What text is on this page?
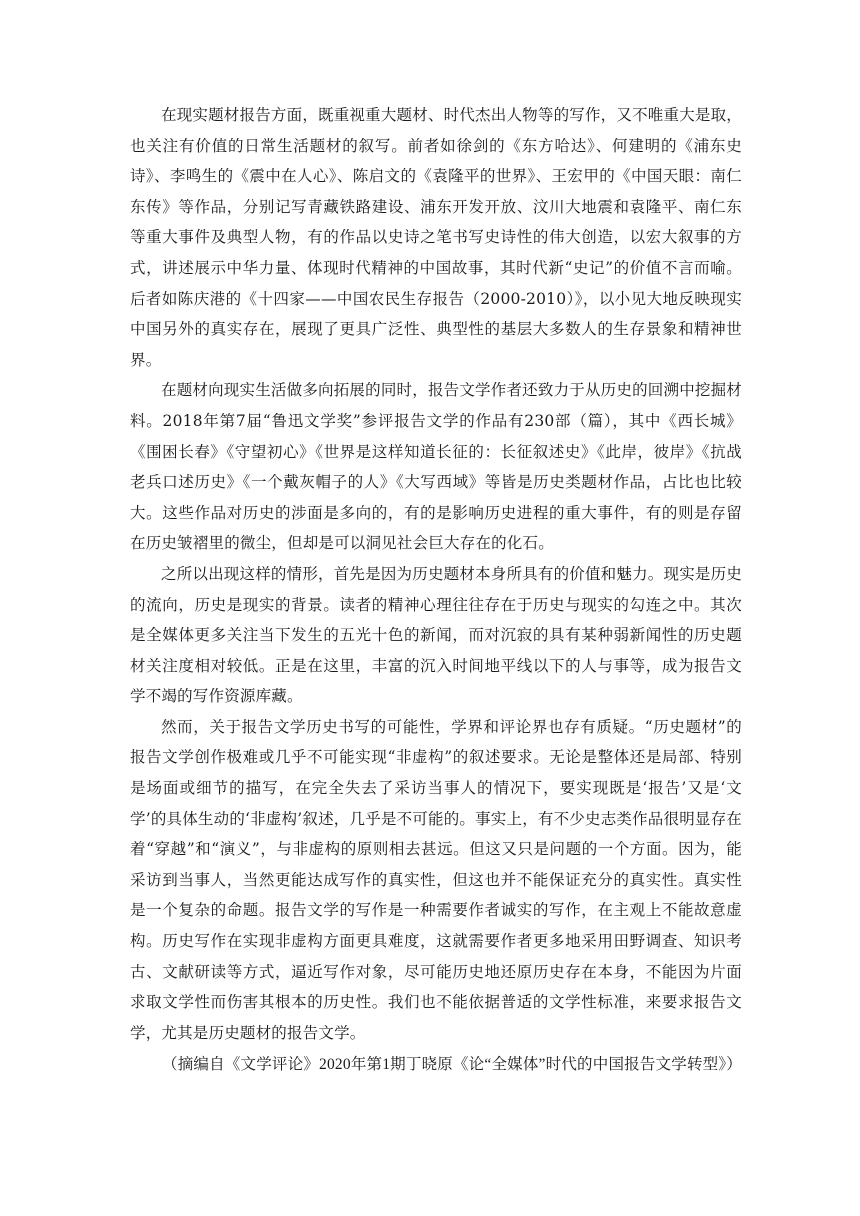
在现实题材报告方面，既重视重大题材、时代杰出人物等的写作，又不唯重大是取，也关注有价值的日常生活题材的叙写。前者如徐剑的《东方哈达》、何建明的《浦东史诗》、李鸣生的《震中在人心》、陈启文的《袁隆平的世界》、王宏甲的《中国天眼：南仁东传》等作品，分别记写青藏铁路建设、浦东开发开放、汶川大地震和袁隆平、南仁东等重大事件及典型人物，有的作品以史诗之笔书写史诗性的伟大创造，以宏大叙事的方式，讲述展示中华力量、体现时代精神的中国故事，其时代新“史记”的价值不言而喻。后者如陈庆港的《十四家——中国农民生存报告（2000-2010）》，以小见大地反映现实中国另外的真实存在，展现了更具广泛性、典型性的基层大多数人的生存景象和精神世界。

在题材向现实生活做多向拓展的同时，报告文学作者还致力于从历史的回溯中挖掘材料。2018年第7届“鲁迅文学奖”参评报告文学的作品有230部（篇），其中《西长城》《围困长春》《守望初心》《世界是这样知道长征的：长征叙述史》《此岸，彼岸》《抗战老兵口述历史》《一个戴灰帽子的人》《大写西域》等皆是历史类题材作品，占比也比较大。这些作品对历史的涉面是多向的，有的是影响历史进程的重大事件，有的则是存留在历史皱褶里的微尘，但却是可以洞见社会巨大存在的化石。

之所以出现这样的情形，首先是因为历史题材本身所具有的价值和魅力。现实是历史的流向，历史是现实的背景。读者的精神心理往往存在于历史与现实的勾连之中。其次是全媒体更多关注当下发生的五光十色的新闻，而对沉寂的具有某种弱新闻性的历史题材关注度相对较低。正是在这里，丰富的沉入时间地平线以下的人与事等，成为报告文学不竭的写作资源库藏。

然而，关于报告文学历史书写的可能性，学界和评论界也存有质疑。“历史题材”的报告文学创作极难或几乎不可能实现“非虚构”的叙述要求。无论是整体还是局部、特别是场面或细节的描写，在完全失去了采访当事人的情况下，要实现既是‘报告’又是‘文学’的具体生动的‘非虚构’叙述，几乎是不可能的。事实上，有不少史志类作品很明显存在着“穿越”和“演义”，与非虚构的原则相去甚远。但这又只是问题的一个方面。因为，能采访到当事人，当然更能达成写作的真实性，但这也并不能保证充分的真实性。真实性是一个复杂的命题。报告文学的写作是一种需要作者诚实的写作，在主观上不能故意虚构。历史写作在实现非虚构方面更具难度，这就需要作者更多地采用田野调查、知识考古、文献研读等方式，逼近写作对象，尽可能历史地还原历史存在本身，不能因为片面求取文学性而伤害其根本的历史性。我们也不能依据普适的文学性标准，来要求报告文学，尤其是历史题材的报告文学。

（摘编自《文学评论》2020年第1期丁晓原《论“全媒体”时代的中国报告文学转型》）
